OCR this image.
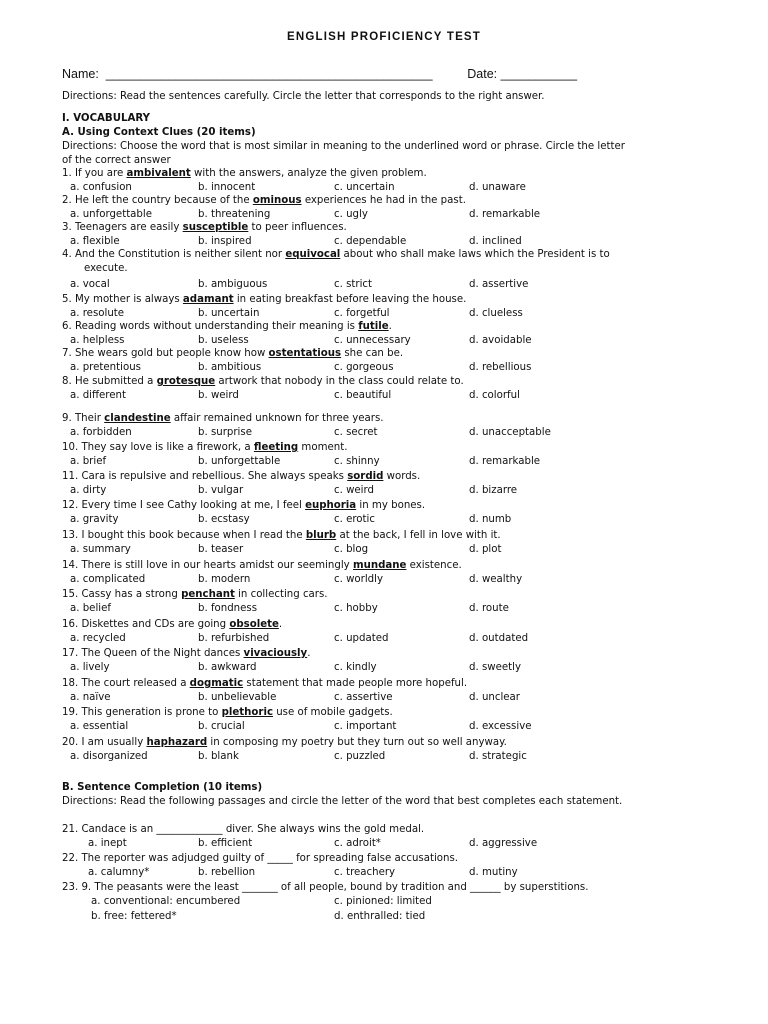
ENGLISH PROFICIENCY TEST
Name: _______________________________________________	Date: ___________
Directions: Read the sentences carefully. Circle the letter that corresponds to the right answer.
I. VOCABULARY
A. Using Context Clues (20 items)
Directions: Choose the word that is most similar in meaning to the underlined word or phrase. Circle the letter
of the correct answer
1. If you are ambivalent with the answers, analyze the given problem.
a. confusion	b. innocent	c. uncertain	d. unaware
2. He left the country because of the ominous experiences he had in the past.
a. unforgettable	b. threatening	c. ugly	d. remarkable
3. Teenagers are easily susceptible to peer influences.
a. flexible	b. inspired	c. dependable	d. inclined
4. And the Constitution is neither silent nor equivocal about who shall make laws which the President is to
execute.
a. vocal	b. ambiguous	c. strict	d. assertive
5. My mother is always adamant in eating breakfast before leaving the house.
a. resolute	b. uncertain	c. forgetful	d. clueless
6. Reading words without understanding their meaning is futile.
a. helpless	b. useless	c. unnecessary	d. avoidable
7. She wears gold but people know how ostentatious she can be.
a. pretentious	b. ambitious	c. gorgeous	d. rebellious
8. He submitted a grotesque artwork that nobody in the class could relate to.
a. different	b. weird	c. beautiful	d. colorful
9. Their clandestine affair remained unknown for three years.
a. forbidden	b. surprise	c. secret	d. unacceptable
10. They say love is like a firework, a fleeting moment.
a. brief	b. unforgettable	c. shinny	d. remarkable
11. Cara is repulsive and rebellious. She always speaks sordid words.
a. dirty	b. vulgar	c. weird	d. bizarre
12. Every time I see Cathy looking at me, I feel euphoria in my bones.
a. gravity	b. ecstasy	c. erotic	d. numb
13. I bought this book because when I read the blurb at the back, I fell in love with it.
a. summary	b. teaser	c. blog	d. plot
14. There is still love in our hearts amidst our seemingly mundane existence.
a. complicated	b. modern	c. worldly	d. wealthy
15. Cassy has a strong penchant in collecting cars.
a. belief	b. fondness	c. hobby	d. route
16. Diskettes and CDs are going obsolete.
a. recycled	b. refurbished	c. updated	d. outdated
17. The Queen of the Night dances vivaciously.
a. lively	b. awkward	c. kindly	d. sweetly
18. The court released a dogmatic statement that made people more hopeful.
a. naïve	b. unbelievable	c. assertive	d. unclear
19. This generation is prone to plethoric use of mobile gadgets.
a. essential	b. crucial	c. important	d. excessive
20. I am usually haphazard in composing my poetry but they turn out so well anyway.
a. disorganized	b. blank	c. puzzled	d. strategic
B. Sentence Completion (10 items)
Directions: Read the following passages and circle the letter of the word that best completes each statement.
21. Candace is an _____________ diver. She always wins the gold medal.
a. inept	b. efficient	c. adroit*	d. aggressive
22. The reporter was adjudged guilty of _____ for spreading false accusations.
a. calumny*	b. rebellion	c. treachery	d. mutiny
23. 9. The peasants were the least _______ of all people, bound by tradition and ______ by superstitions.
a. conventional: encumbered	c. pinioned: limited
b. free: fettered*	d. enthralled: tied
